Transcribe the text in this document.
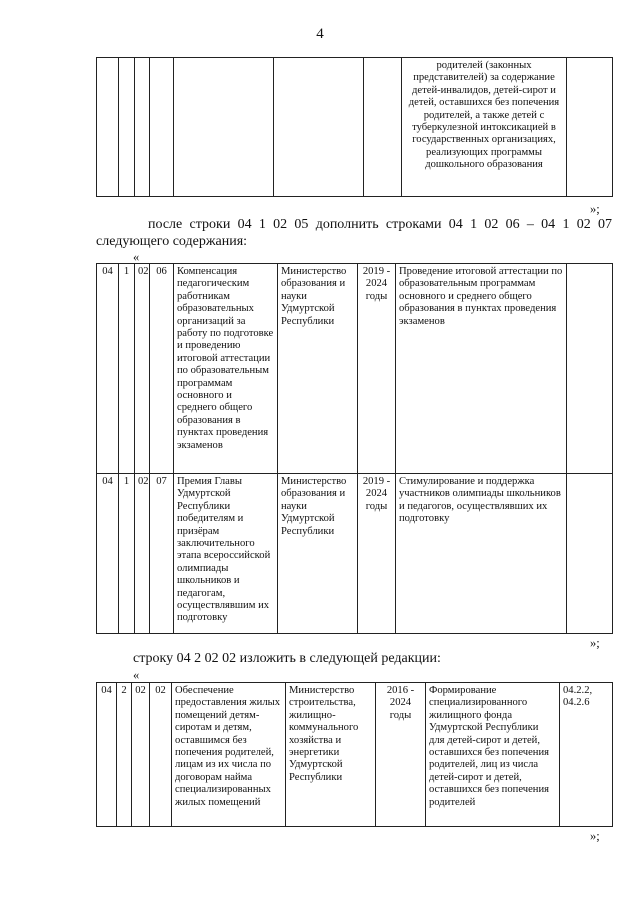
4
							родителей (законных представителей) за содержание детей-инвалидов, детей-сирот и детей, оставшихся без попечения родителей, а также детей с туберкулезной интоксикацией в государственных организациях, реализующих программы дошкольного образования	
»;
после строки 04 1 02 05 дополнить строками 04 1 02 06 – 04 1 02 07
следующего содержания:
«
04	1	02	06	Компенсация педагогическим работникам образовательных организаций за работу по подготовке и проведению итоговой аттестации по образовательным программам основного и среднего общего образования в пунктах проведения экзаменов	Министерство образования и науки Удмуртской Республики	2019 - 2024 годы	Проведение итоговой аттестации по образовательным программам основного и среднего общего образования в пунктах проведения экзаменов	
04	1	02	07	Премия Главы Удмуртской Республики победителям и призёрам заключительного этапа всероссийской олимпиады школьников и педагогам, осуществлявшим их подготовку	Министерство образования и науки Удмуртской Республики	2019 - 2024 годы	Стимулирование и поддержка участников олимпиады школьников и педагогов, осуществлявших их подготовку	
»;
строку 04 2 02 02 изложить в следующей редакции:
«
04	2	02	02	Обеспечение предоставления жилых помещений детям-сиротам и детям, оставшимся без попечения родителей, лицам из их числа по договорам найма специализированных жилых помещений	Министерство строительства, жилищно-коммунального хозяйства и энергетики Удмуртской Республики	2016 - 2024 годы	Формирование специализированного жилищного фонда Удмуртской Республики для детей-сирот и детей, оставшихся без попечения родителей, лиц из числа детей-сирот и детей, оставшихся без попечения родителей	04.2.2, 04.2.6
»;
